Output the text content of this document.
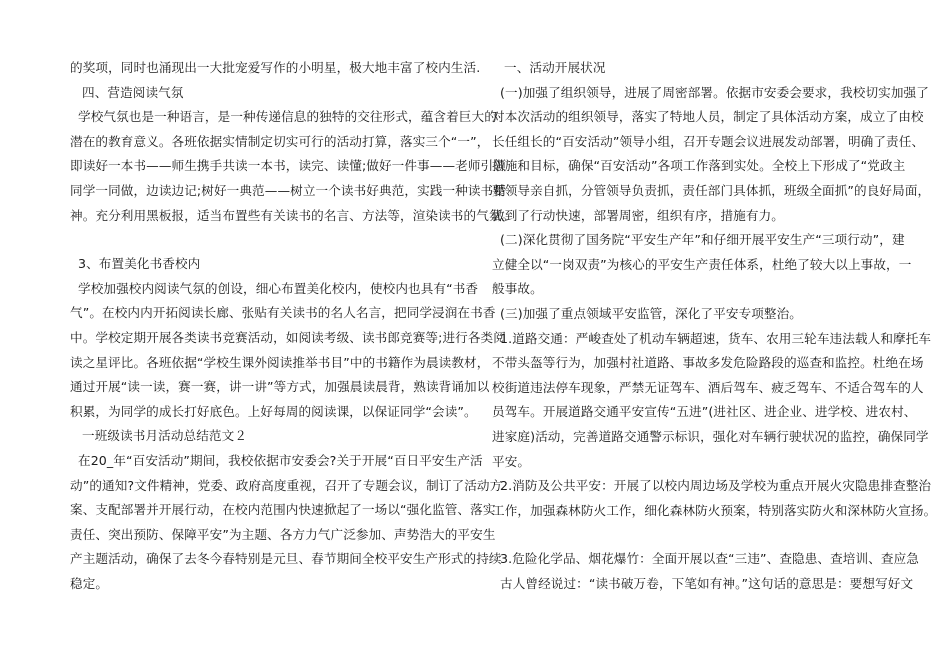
的奖项，同时也涌现出一大批宠爱写作的小明星，极大地丰富了校内生活.
四、营造阅读气氛
学校气氛也是一种语言，是一种传递信息的独特的交往形式，蕴含着巨大的
潜在的教育意义。各班依据实情制定切实可行的活动打算，落实三个“一”，
即读好一本书——师生携手共读一本书，读完、读懂;做好一件事——老师引领
同学一同做，边读边记;树好一典范——树立一个读书好典范，实践一种读书精
神。充分利用黑板报，适当布置些有关读书的名言、方法等，渲染读书的气氛。
3、布置美化书香校内
学校加强校内阅读气氛的创设，细心布置美化校内，使校内也具有“书香
气”。在校内内开拓阅读长廊、张贴有关读书的名人名言，把同学浸润在书香
中。学校定期开展各类读书竞赛活动，如阅读考级、读书郎竞赛等;进行各类阅
读之星评比。各班依据“学校生课外阅读推举书目”中的书籍作为晨读教材，
通过开展“读一读，赛一赛，讲一讲”等方式，加强晨读晨背，熟读背诵加以
积累，为同学的成长打好底色。上好每周的阅读课，以保证同学“会读”。
一班级读书月活动总结范文２
在20_年“百安活动”期间，我校依据市安委会?关于开展“百日平安生产活
动”的通知?文件精神，党委、政府高度重视，召开了专题会议，制订了活动方
案、支配部署并开展行动，在校内范围内快速掀起了一场以“强化监管、落实
责任、突出预防、保障平安”为主题、各方力气广泛参加、声势浩大的平安生
产主题活动，确保了去冬今春特别是元旦、春节期间全校平安生产形式的持续
稳定。
一、活动开展状况
(一)加强了组织领导，进展了周密部署。依据市安委会要求，我校切实加强了
对本次活动的组织领导，落实了特地人员，制定了具体活动方案，成立了由校
长任组长的“百安活动”领导小组，召开专题会议进展发动部署，明确了责任、
措施和目标，确保“百安活动”各项工作落到实处。全校上下形成了“党政主
要领导亲自抓，分管领导负责抓，责任部门具体抓，班级全面抓”的良好局面，
做到了行动快速，部署周密，组织有序，措施有力。
(二)深化贯彻了国务院“平安生产年”和仔细开展平安生产“三项行动”，建
立健全以“一岗双责”为核心的平安生产责任体系，杜绝了较大以上事故，一
般事故。
(三)加强了重点领域平安监管，深化了平安专项整治。
1.道路交通：严峻查处了机动车辆超速，货车、农用三轮车违法载人和摩托车
不带头盔等行为，加强村社道路、事故多发危险路段的巡查和监控。杜绝在场
校街道违法停车现象，严禁无证驾车、酒后驾车、疲乏驾车、不适合驾车的人
员驾车。开展道路交通平安宣传“五进”(进社区、进企业、进学校、进农村、
进家庭)活动，完善道路交通警示标识，强化对车辆行驶状况的监控，确保同学
平安。
2.消防及公共平安：开展了以校内周边场及学校为重点开展火灾隐患排查整治
工作，加强森林防火工作，细化森林防火预案，特别落实防火和深林防火宣扬。
3.危险化学品、烟花爆竹：全面开展以查“三违”、查隐患、查培训、查应急
古人曾经说过：“读书破万卷，下笔如有神。”这句话的意思是：要想写好文
